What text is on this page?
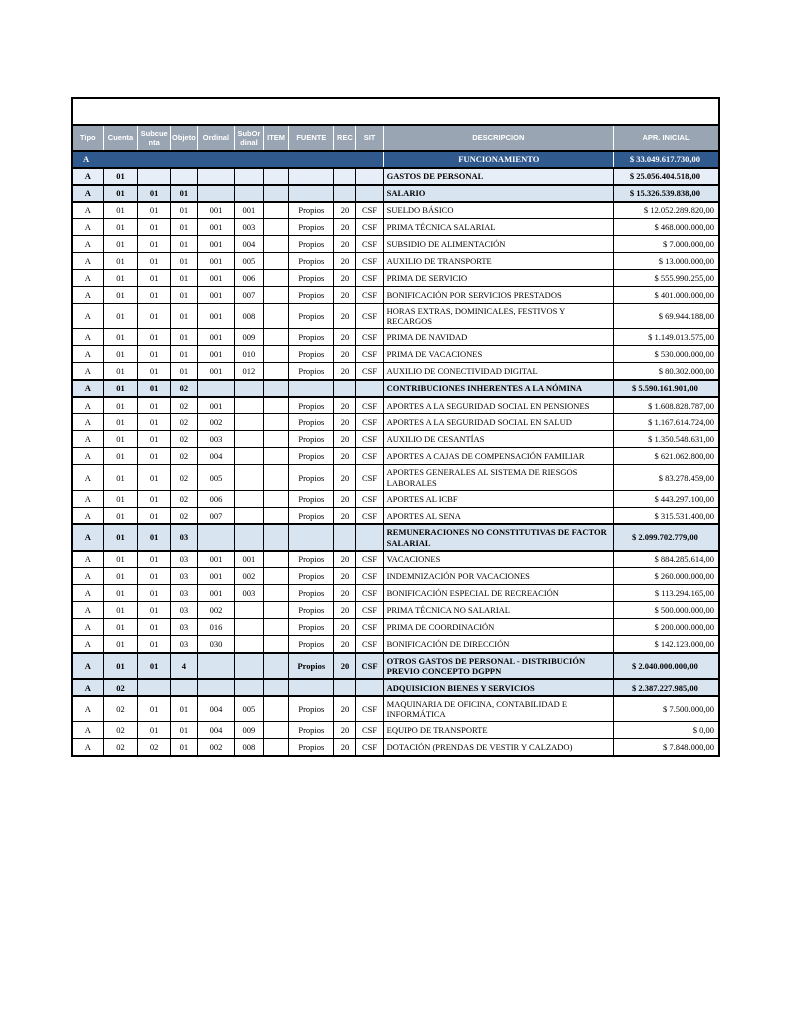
ANEXO 1- Desagregación Presupuesto de Gastos de Funcionamiento Vigencia 2024											
Tipo	Cuenta	Subcuenta	Objeto	Ordinal	SubOrdinal	ITEM	FUENTE	REC	SIT	DESCRIPCION	APR. INICIAL
A										FUNCIONAMIENTO	$ 33.049.617.730,00
A	01									GASTOS DE PERSONAL	$ 25.056.404.518,00
A	01	01	01							SALARIO	$ 15.326.539.838,00
A	01	01	01	001	001		Propios	20	CSF	SUELDO BÁSICO	$ 12.052.289.820,00
A	01	01	01	001	003		Propios	20	CSF	PRIMA TÉCNICA SALARIAL	$ 468.000.000,00
A	01	01	01	001	004		Propios	20	CSF	SUBSIDIO DE ALIMENTACIÓN	$ 7.000.000,00
A	01	01	01	001	005		Propios	20	CSF	AUXILIO DE TRANSPORTE	$ 13.000.000,00
A	01	01	01	001	006		Propios	20	CSF	PRIMA DE SERVICIO	$ 555.990.255,00
A	01	01	01	001	007		Propios	20	CSF	BONIFICACIÓN POR SERVICIOS PRESTADOS	$ 401.000.000,00
A	01	01	01	001	008		Propios	20	CSF	HORAS EXTRAS, DOMINICALES, FESTIVOS Y RECARGOS	$ 69.944.188,00
A	01	01	01	001	009		Propios	20	CSF	PRIMA DE NAVIDAD	$ 1.149.013.575,00
A	01	01	01	001	010		Propios	20	CSF	PRIMA DE VACACIONES	$ 530.000.000,00
A	01	01	01	001	012		Propios	20	CSF	AUXILIO DE CONECTIVIDAD DIGITAL	$ 80.302.000,00
A	01	01	02							CONTRIBUCIONES INHERENTES A LA NÓMINA	$ 5.590.161.901,00
A	01	01	02	001			Propios	20	CSF	APORTES A LA SEGURIDAD SOCIAL EN PENSIONES	$ 1.608.828.787,00
A	01	01	02	002			Propios	20	CSF	APORTES A LA SEGURIDAD SOCIAL EN SALUD	$ 1.167.614.724,00
A	01	01	02	003			Propios	20	CSF	AUXILIO DE CESANTÍAS	$ 1.350.548.631,00
A	01	01	02	004			Propios	20	CSF	APORTES A CAJAS DE COMPENSACIÓN FAMILIAR	$ 621.062.800,00
A	01	01	02	005			Propios	20	CSF	APORTES GENERALES AL SISTEMA DE RIESGOS LABORALES	$ 83.278.459,00
A	01	01	02	006			Propios	20	CSF	APORTES AL ICBF	$ 443.297.100,00
A	01	01	02	007			Propios	20	CSF	APORTES AL SENA	$ 315.531.400,00
A	01	01	03							REMUNERACIONES NO CONSTITUTIVAS DE FACTOR SALARIAL	$ 2.099.702.779,00
A	01	01	03	001	001		Propios	20	CSF	VACACIONES	$ 884.285.614,00
A	01	01	03	001	002		Propios	20	CSF	INDEMNIZACIÓN POR VACACIONES	$ 260.000.000,00
A	01	01	03	001	003		Propios	20	CSF	BONIFICACIÓN ESPECIAL DE RECREACIÓN	$ 113.294.165,00
A	01	01	03	002			Propios	20	CSF	PRIMA TÉCNICA NO SALARIAL	$ 500.000.000,00
A	01	01	03	016			Propios	20	CSF	PRIMA DE COORDINACIÓN	$ 200.000.000,00
A	01	01	03	030			Propios	20	CSF	BONIFICACIÓN DE DIRECCIÓN	$ 142.123.000,00
A	01	01	4				Propios	20	CSF	OTROS GASTOS DE PERSONAL - DISTRIBUCIÓN PREVIO CONCEPTO DGPPN	$ 2.040.000.000,00
A	02									ADQUISICION BIENES Y SERVICIOS	$ 2.387.227.985,00
A	02	01	01	004	005		Propios	20	CSF	MAQUINARIA DE OFICINA, CONTABILIDAD E INFORMÁTICA	$ 7.500.000,00
A	02	01	01	004	009		Propios	20	CSF	EQUIPO DE TRANSPORTE	$ 0,00
A	02	02	01	002	008		Propios	20	CSF	DOTACIÓN (PRENDAS DE VESTIR Y CALZADO)	$ 7.848.000,00
